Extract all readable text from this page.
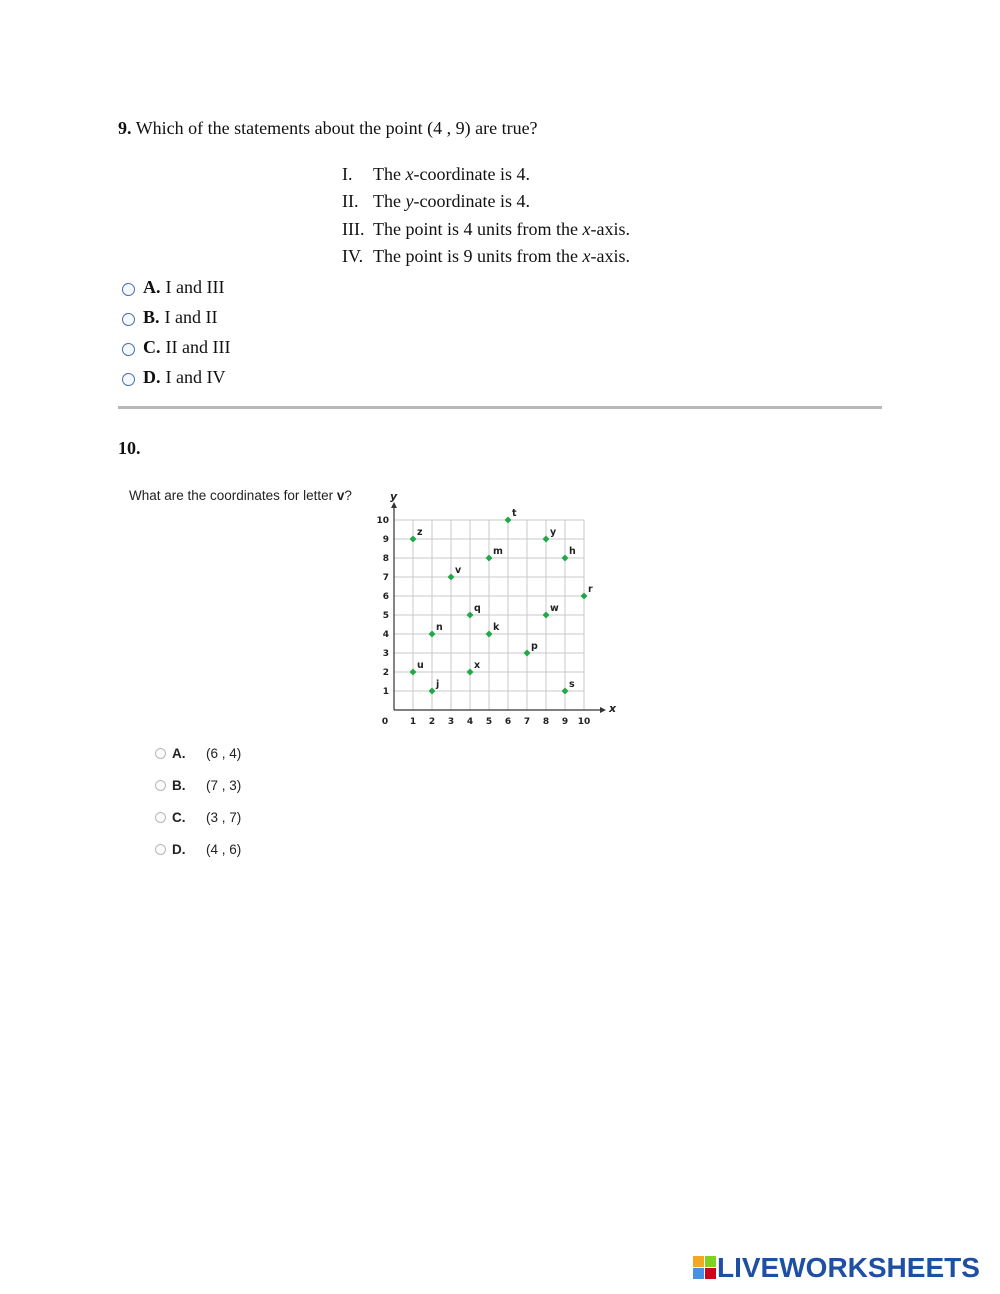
9. Which of the statements about the point (4 , 9) are true?
I. The x-coordinate is 4.
II. The y-coordinate is 4.
III. The point is 4 units from the x-axis.
IV. The point is 9 units from the x-axis.
A. I and III
B. I and II
C. II and III
D. I and IV
10.
What are the coordinates for letter v?
x
y
0 1 2 3 4 5 6 7 8 9 10
1
2
3
4
5
6
7
8
9
10
z
t
y
m	h
v
r
q	w
n	k
p
u	x
j	s
A.	(6 , 4)
B.	(7 , 3)
C.	(3 , 7)
D.	(4 , 6)
LIVEWORKSHEETS
